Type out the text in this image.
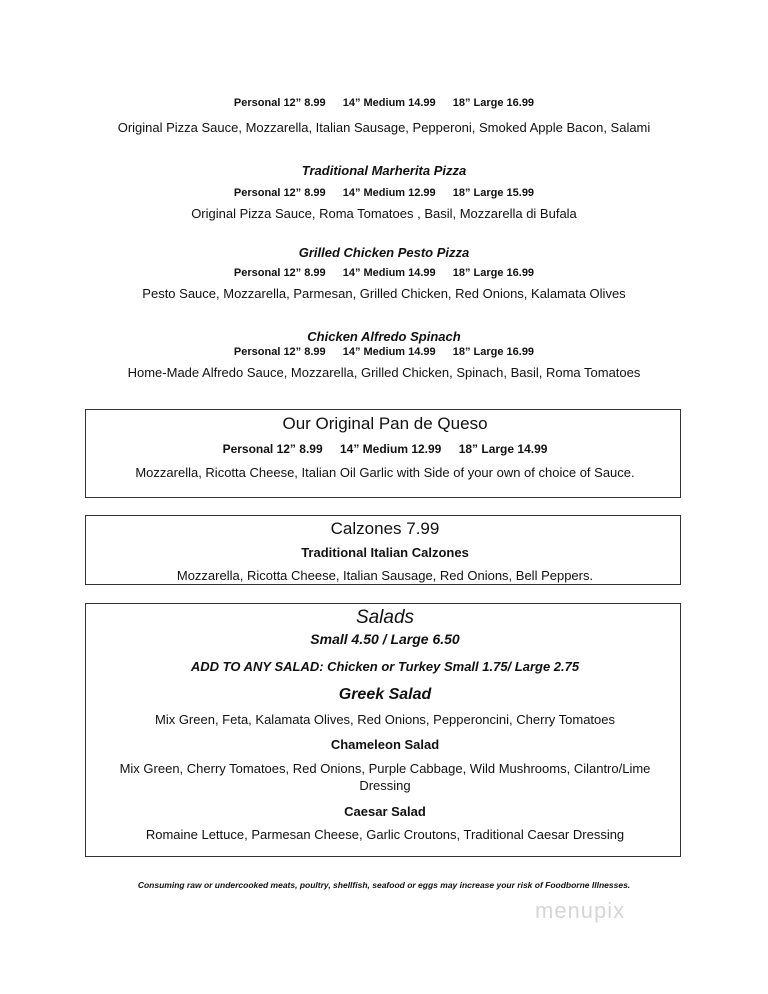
Personal 12” 8.99 14” Medium 14.99 18” Large 16.99
Original Pizza Sauce, Mozzarella, Italian Sausage, Pepperoni, Smoked Apple Bacon, Salami
Traditional Marherita Pizza
Personal 12” 8.99 14” Medium 12.99 18” Large 15.99
Original Pizza Sauce, Roma Tomatoes , Basil, Mozzarella di Bufala
Grilled Chicken Pesto Pizza
Personal 12” 8.99 14” Medium 14.99 18” Large 16.99
Pesto Sauce, Mozzarella, Parmesan, Grilled Chicken, Red Onions, Kalamata Olives
Chicken Alfredo Spinach
Personal 12” 8.99 14” Medium 14.99 18” Large 16.99
Home-Made Alfredo Sauce, Mozzarella, Grilled Chicken, Spinach, Basil, Roma Tomatoes
Our Original Pan de Queso
Personal 12” 8.99 14” Medium 12.99 18” Large 14.99
Mozzarella, Ricotta Cheese, Italian Oil Garlic with Side of your own of choice of Sauce.
Calzones 7.99
Traditional Italian Calzones
Mozzarella, Ricotta Cheese, Italian Sausage, Red Onions, Bell Peppers.
Salads
Small 4.50 / Large 6.50
ADD TO ANY SALAD: Chicken or Turkey Small 1.75/ Large 2.75
Greek Salad
Mix Green, Feta, Kalamata Olives, Red Onions, Pepperoncini, Cherry Tomatoes
Chameleon Salad
Mix Green, Cherry Tomatoes, Red Onions, Purple Cabbage, Wild Mushrooms, Cilantro/Lime
Dressing
Caesar Salad
Romaine Lettuce, Parmesan Cheese, Garlic Croutons, Traditional Caesar Dressing
Consuming raw or undercooked meats, poultry, shellfish, seafood or eggs may increase your risk of Foodborne Illnesses.
menupix
